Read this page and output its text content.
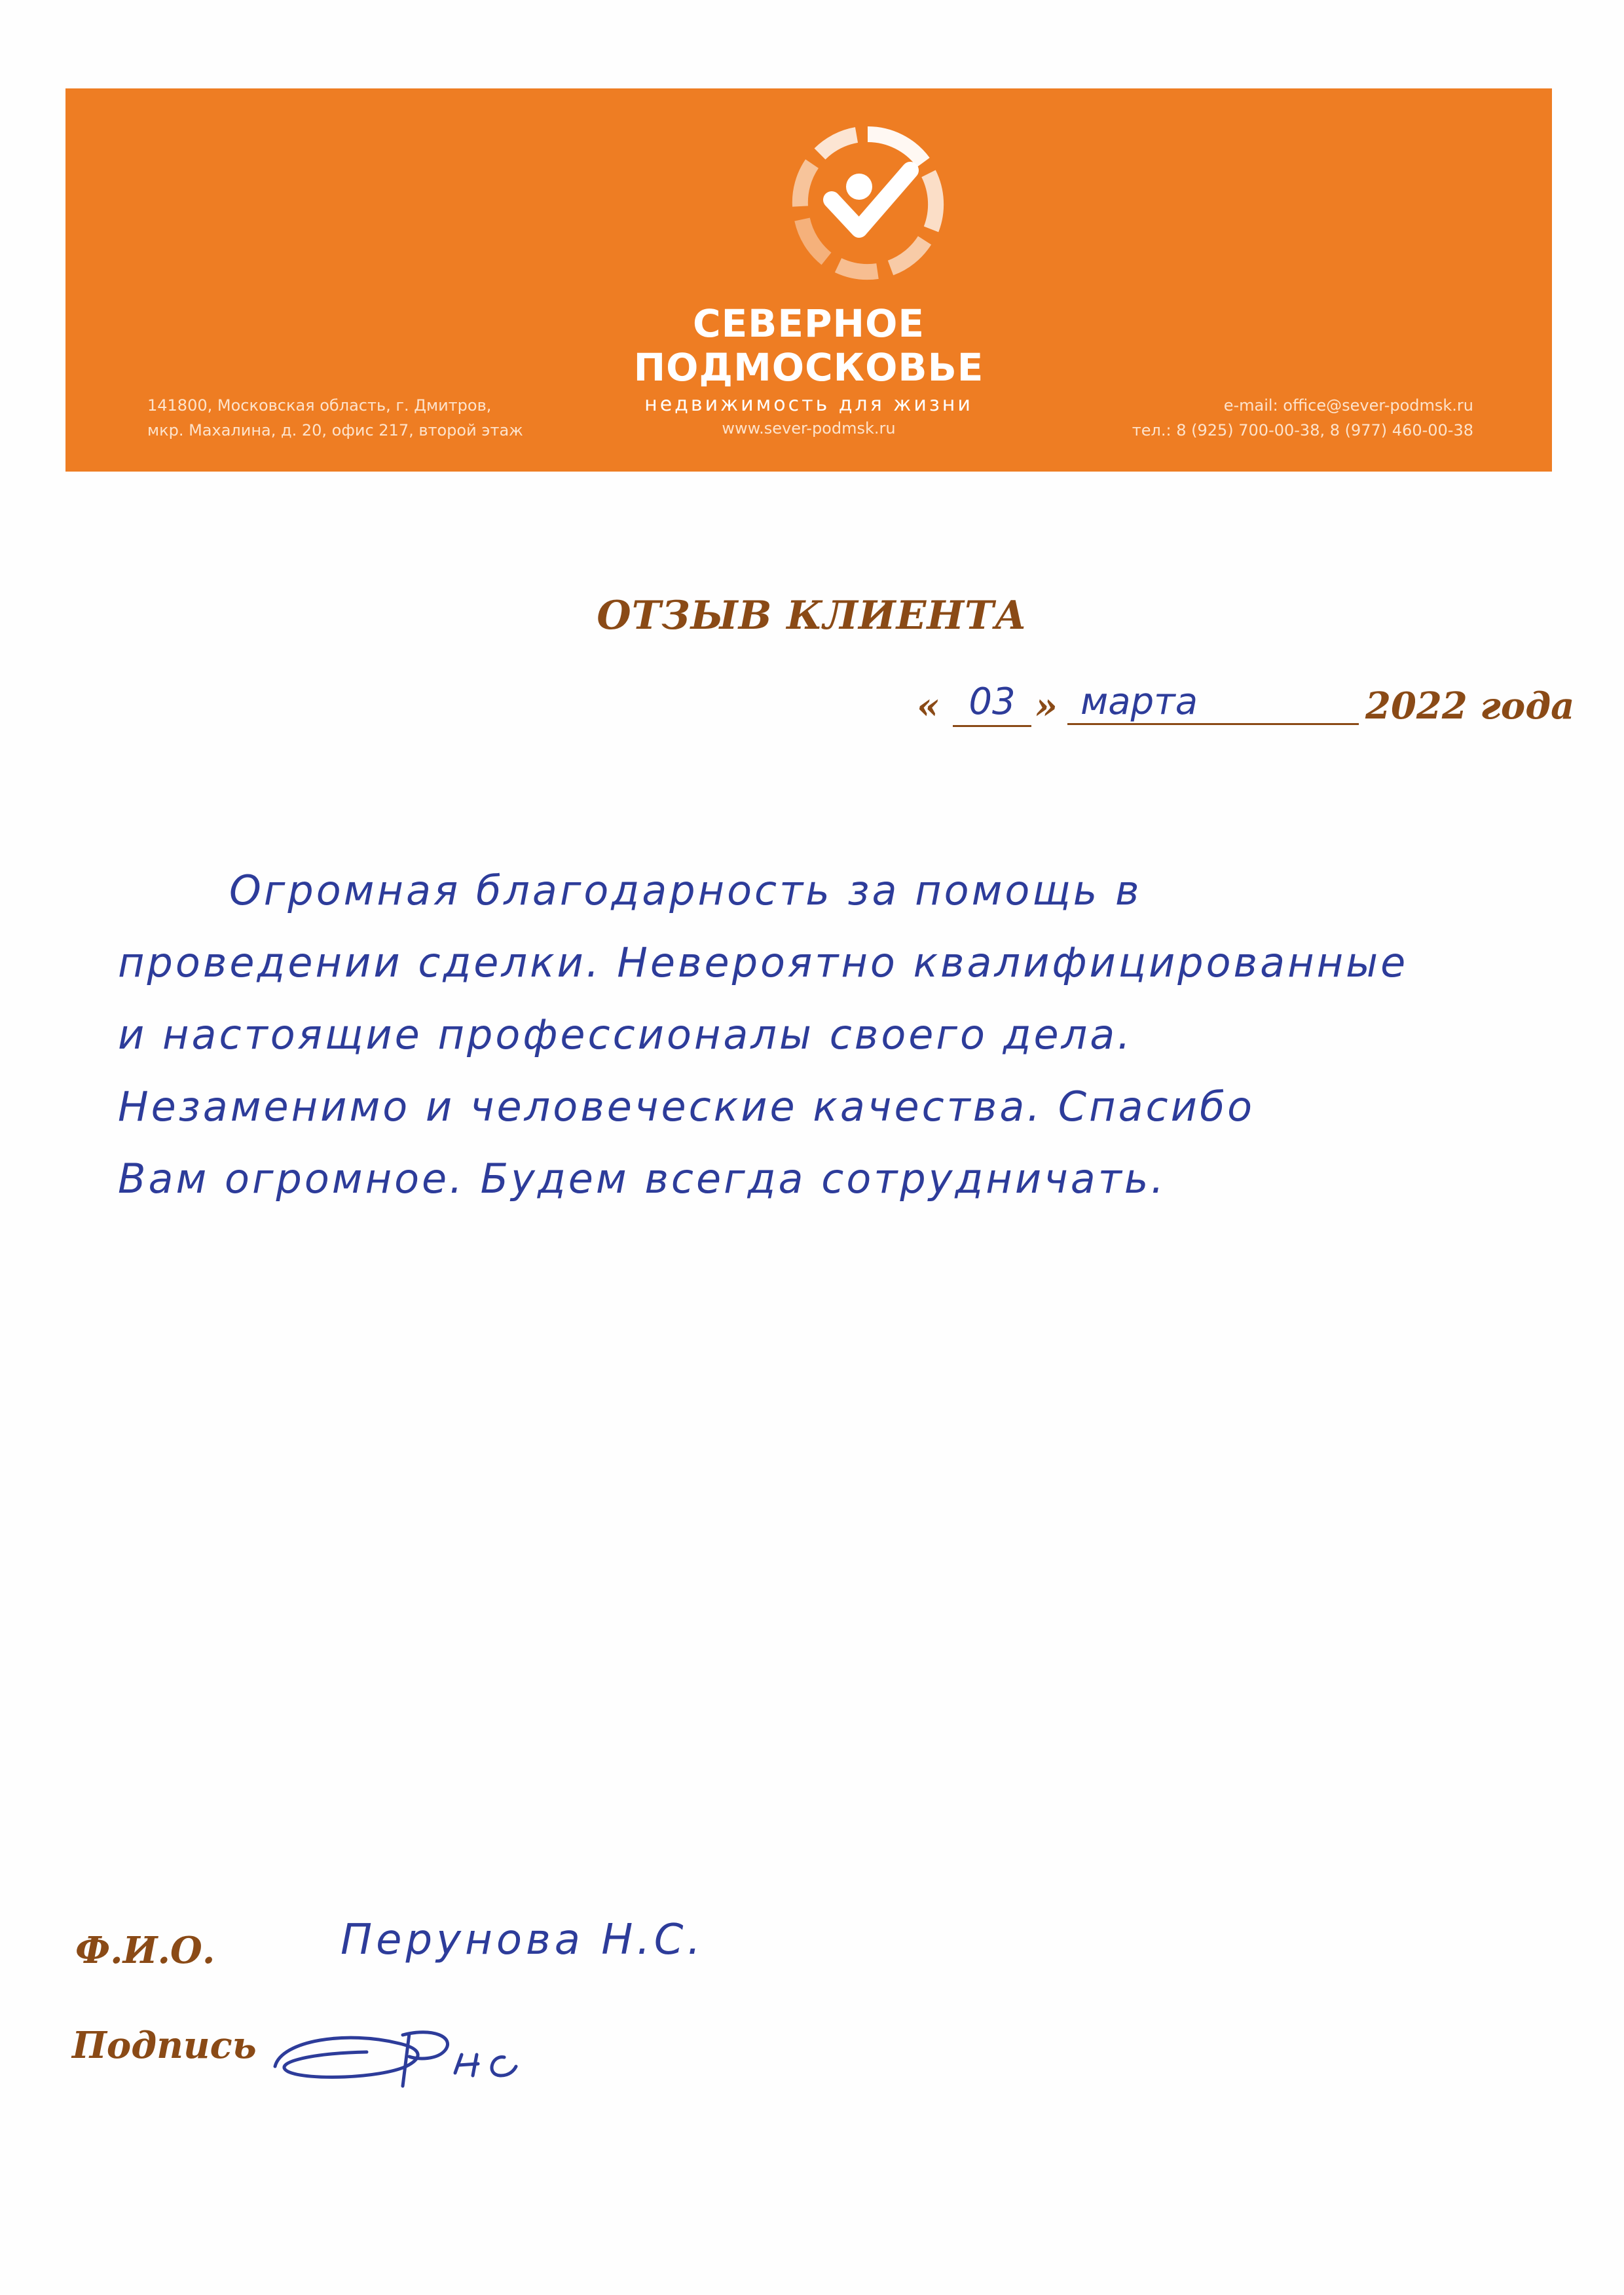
СЕВЕРНОЕ
ПОДМОСКОВЬЕ
недвижимость для жизни
www.sever-podmsk.ru
141800, Московская область, г. Дмитров,
мкр. Махалина, д. 20, офис 217, второй этаж
e-mail: office@sever-podmsk.ru
тел.: 8 (925) 700-00-38, 8 (977) 460-00-38
ОТЗЫВ КЛИЕНТА
« 03 » марта	2022 года
Огромная благодарность за помощь в
проведении сделки. Невероятно квалифицированные
и настоящие профессионалы своего дела.
Незаменимо и человеческие качества. Спасибо
Вам огромное. Будем всегда сотрудничать.
Ф.И.О.	Перунова Н.С.
Подпись
